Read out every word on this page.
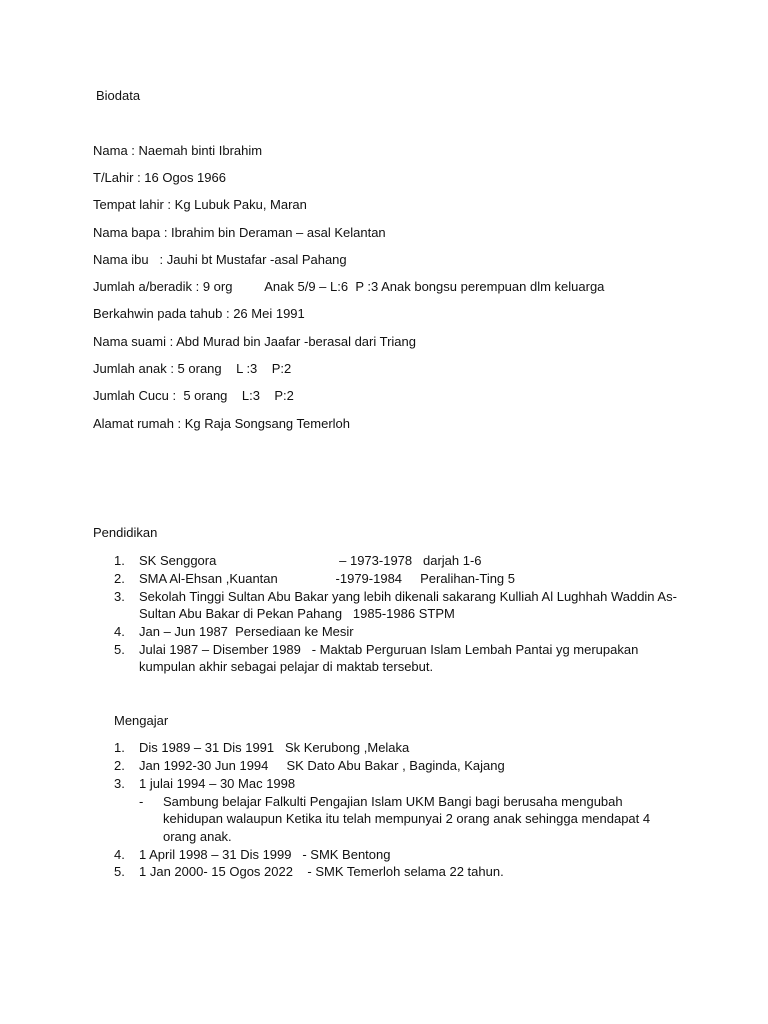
Biodata
Nama : Naemah binti Ibrahim
T/Lahir : 16 Ogos 1966
Tempat lahir : Kg Lubuk Paku, Maran
Nama bapa : Ibrahim bin Deraman – asal Kelantan
Nama ibu   : Jauhi bt Mustafar -asal Pahang
Jumlah a/beradik : 9 org         Anak 5/9 – L:6  P :3 Anak bongsu perempuan dlm keluarga
Berkahwin pada tahub : 26 Mei 1991
Nama suami : Abd Murad bin Jaafar -berasal dari Triang
Jumlah anak : 5 orang    L :3    P:2
Jumlah Cucu :  5 orang    L:3    P:2
Alamat rumah : Kg Raja Songsang Temerloh
Pendidikan
1. SK Senggora                                  – 1973-1978   darjah 1-6
2. SMA Al-Ehsan ,Kuantan                -1979-1984     Peralihan-Ting 5
3. Sekolah Tinggi Sultan Abu Bakar yang lebih dikenali sakarang Kulliah Al Lughhah Waddin As-
Sultan Abu Bakar di Pekan Pahang   1985-1986 STPM
4. Jan – Jun 1987  Persediaan ke Mesir
5. Julai 1987 – Disember 1989   - Maktab Perguruan Islam Lembah Pantai yg merupakan
kumpulan akhir sebagai pelajar di maktab tersebut.
Mengajar
1. Dis 1989 – 31 Dis 1991   Sk Kerubong ,Melaka
2. Jan 1992-30 Jun 1994     SK Dato Abu Bakar , Baginda, Kajang
3. 1 julai 1994 – 30 Mac 1998
- Sambung belajar Falkulti Pengajian Islam UKM Bangi bagi berusaha mengubah
kehidupan walaupun Ketika itu telah mempunyai 2 orang anak sehingga mendapat 4
orang anak.
4. 1 April 1998 – 31 Dis 1999   - SMK Bentong
5. 1 Jan 2000- 15 Ogos 2022    - SMK Temerloh selama 22 tahun.
